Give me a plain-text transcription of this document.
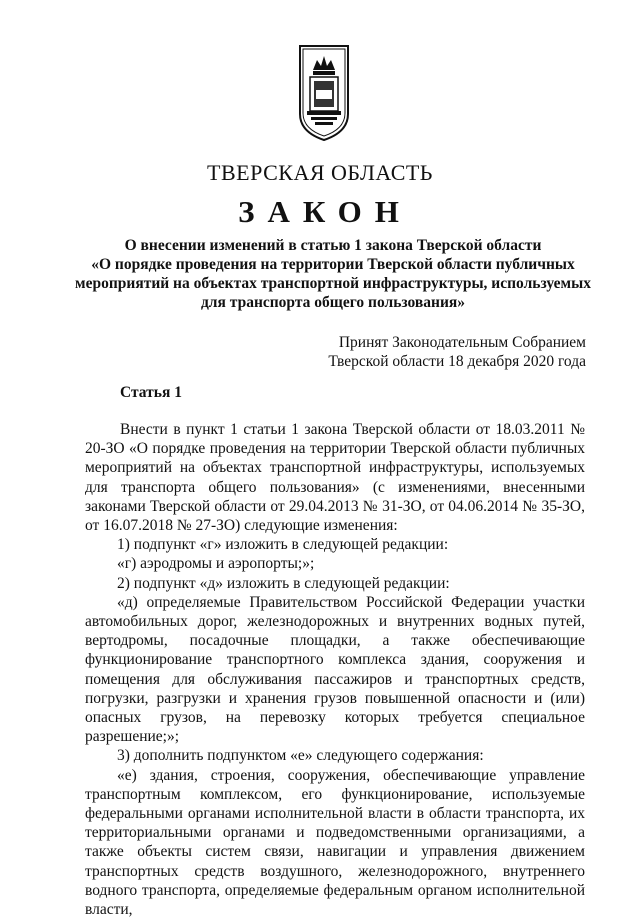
ТВЕРСКАЯ ОБЛАСТЬ
ЗАКОН
О внесении изменений в статью 1 закона Тверской области
«О порядке проведения на территории Тверской области публичных
мероприятий на объектах транспортной инфраструктуры, используемых
для транспорта общего пользования»
Принят Законодательным Собранием
Тверской области 18 декабря 2020 года
Статья 1

Внести в пункт 1 статьи 1 закона Тверской области от 18.03.2011 № 20-ЗО «О порядке проведения на территории Тверской области публичных мероприятий на объектах транспортной инфраструктуры, используемых для транспорта общего пользования» (с изменениями, внесенными законами Тверской области от 29.04.2013 № 31-ЗО, от 04.06.2014 № 35-ЗО, от 16.07.2018 № 27-ЗО) следующие изменения:

1) подпункт «г» изложить в следующей редакции:

«г) аэродромы и аэропорты;»;

2) подпункт «д» изложить в следующей редакции:

«д) определяемые Правительством Российской Федерации участки автомобильных дорог, железнодорожных и внутренних водных путей, вертодромы, посадочные площадки, а также обеспечивающие функционирование транспортного комплекса здания, сооружения и помещения для обслуживания пассажиров и транспортных средств, погрузки, разгрузки и хранения грузов повышенной опасности и (или) опасных грузов, на перевозку которых требуется специальное разрешение;»;

3) дополнить подпунктом «е» следующего содержания:

«е) здания, строения, сооружения, обеспечивающие управление транспортным комплексом, его функционирование, используемые федеральными органами исполнительной власти в области транспорта, их территориальными органами и подведомственными организациями, а также объекты систем связи, навигации и управления движением транспортных средств воздушного, железнодорожного, внутреннего водного транспорта, определяемые федеральным органом исполнительной власти,
